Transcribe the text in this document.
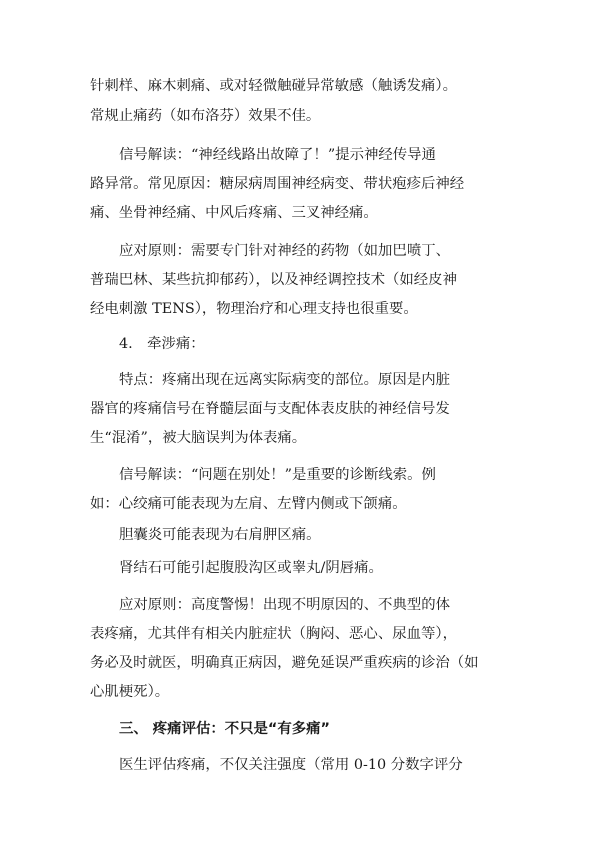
针刺样、麻木刺痛、或对轻微触碰异常敏感（触诱发痛）。
常规止痛药（如布洛芬）效果不佳。
信号解读：“神经线路出故障了！”提示神经传导通
路异常。常见原因：糖尿病周围神经病变、带状疱疹后神经
痛、坐骨神经痛、中风后疼痛、三叉神经痛。
应对原则：需要专门针对神经的药物（如加巴喷丁、
普瑞巴林、某些抗抑郁药），以及神经调控技术（如经皮神
经电刺激 TENS），物理治疗和心理支持也很重要。
4.　牵涉痛：
特点：疼痛出现在远离实际病变的部位。原因是内脏
器官的疼痛信号在脊髓层面与支配体表皮肤的神经信号发
生“混淆”，被大脑误判为体表痛。
信号解读：“问题在别处！”是重要的诊断线索。例
如：心绞痛可能表现为左肩、左臂内侧或下颌痛。
胆囊炎可能表现为右肩胛区痛。
肾结石可能引起腹股沟区或睾丸/阴唇痛。
应对原则：高度警惕！出现不明原因的、不典型的体
表疼痛，尤其伴有相关内脏症状（胸闷、恶心、尿血等），
务必及时就医，明确真正病因，避免延误严重疾病的诊治（如
心肌梗死）。
三、 疼痛评估：不只是“有多痛”
医生评估疼痛，不仅关注强度（常用 0-10 分数字评分
